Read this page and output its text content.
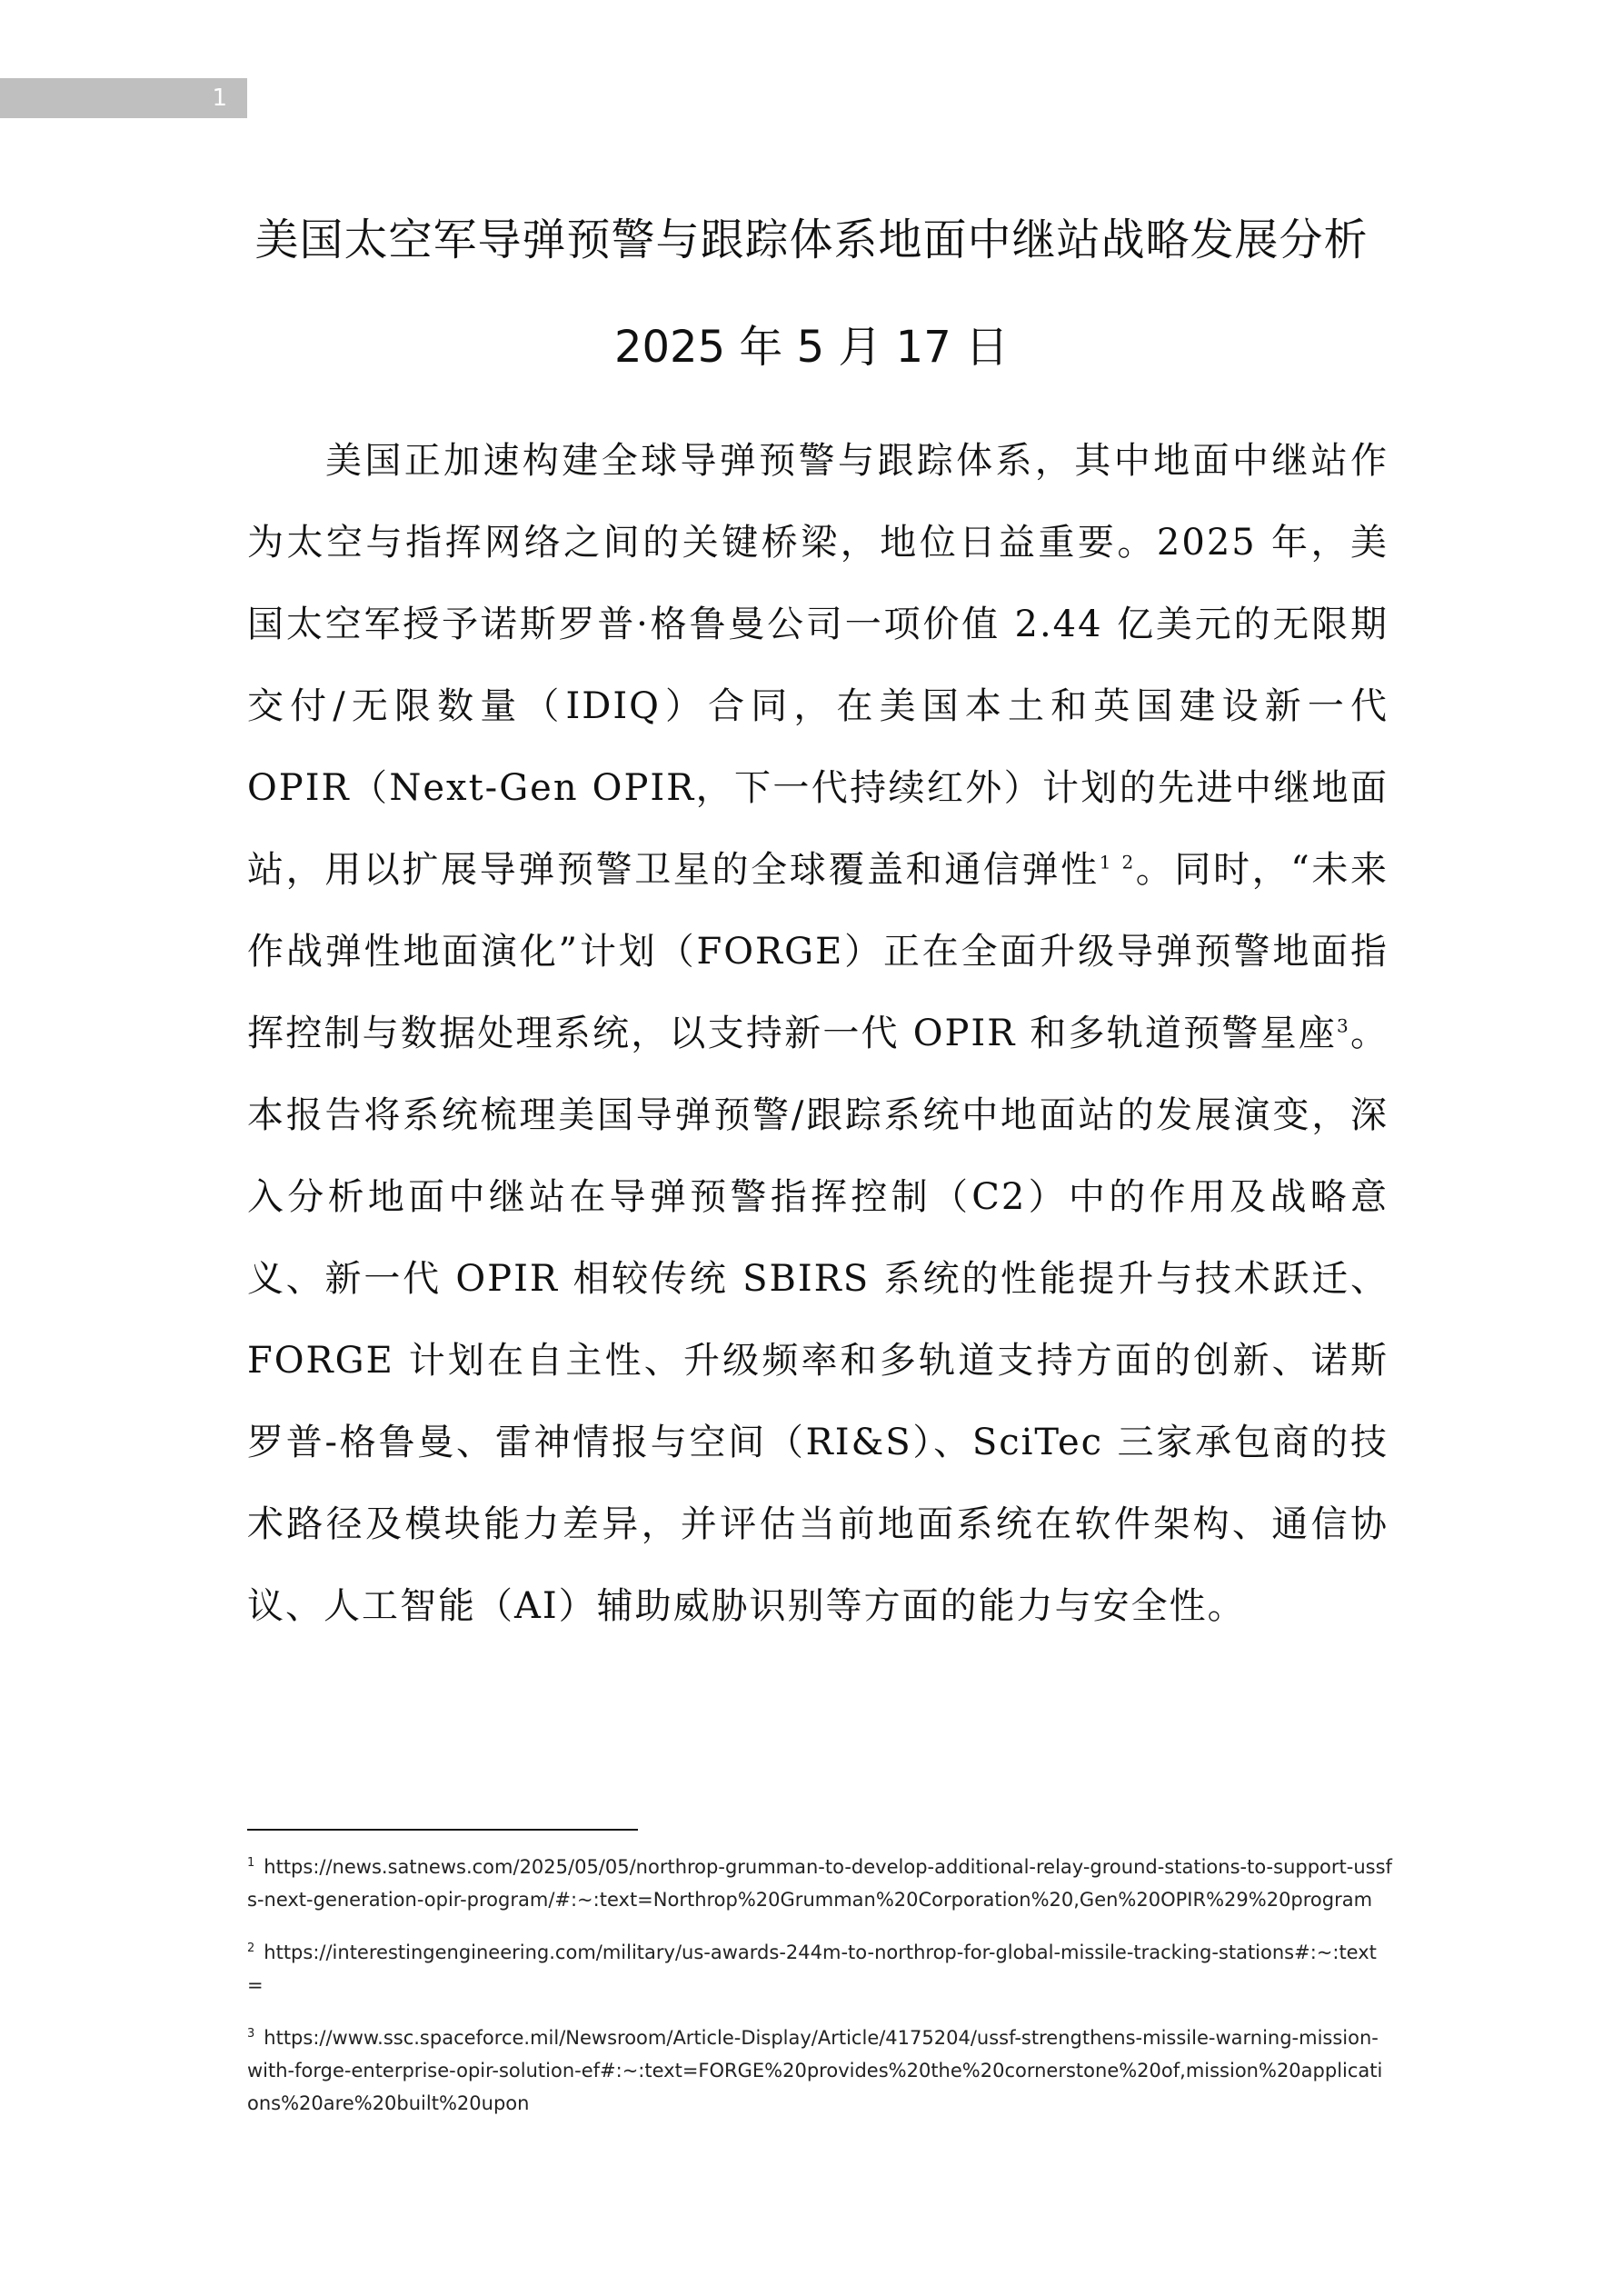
1
美国太空军导弹预警与跟踪体系地面中继站战略发展分析
2025 年 5 月 17 日

美国正加速构建全球导弹预警与跟踪体系，其中地面中继站作为太空与指挥网络之间的关键桥梁，地位日益重要。2025 年，美国太空军授予诺斯罗普·格鲁曼公司一项价值 2.44 亿美元的无限期交付/无限数量（IDIQ）合同，在美国本土和英国建设新一代 OPIR（Next-Gen OPIR，下一代持续红外）计划的先进中继地面站，用以扩展导弹预警卫星的全球覆盖和通信弹性$^1$  $^2$。同时，“未来作战弹性地面演化”计划（FORGE）正在全面升级导弹预警地面指挥控制与数据处理系统，以支持新一代 OPIR 和多轨道预警星座$^3$。本报告将系统梳理美国导弹预警/跟踪系统中地面站的发展演变，深入分析地面中继站在导弹预警指挥控制（C2）中的作用及战略意义、新一代 OPIR 相较传统 SBIRS 系统的性能提升与技术跃迁、FORGE 计划在自主性、升级频率和多轨道支持方面的创新、诺斯罗普-格鲁曼、雷神情报与空间（RI&S）、SciTec 三家承包商的技术路径及模块能力差异，并评估当前地面系统在软件架构、通信协议、人工智能（AI）辅助威胁识别等方面的能力与安全性。

$^1$ https://news.satnews.com/2025/05/05/northrop-grumman-to-develop-additional-relay-ground-stations-to-support-ussfs-next-generation-opir-program/#:~:text=Northrop%20Grumman%20Corporation%20,Gen%20OPIR%29%20program

$^2$ https://interestingengineering.com/military/us-awards-244m-to-northrop-for-global-missile-tracking-stations#:~:text=

$^3$ https://www.ssc.spaceforce.mil/Newsroom/Article-Display/Article/4175204/ussf-strengthens-missile-warning-mission-with-forge-enterprise-opir-solution-ef#:~:text=FORGE%20provides%20the%20cornerstone%20of,mission%20applications%20are%20built%20upon
